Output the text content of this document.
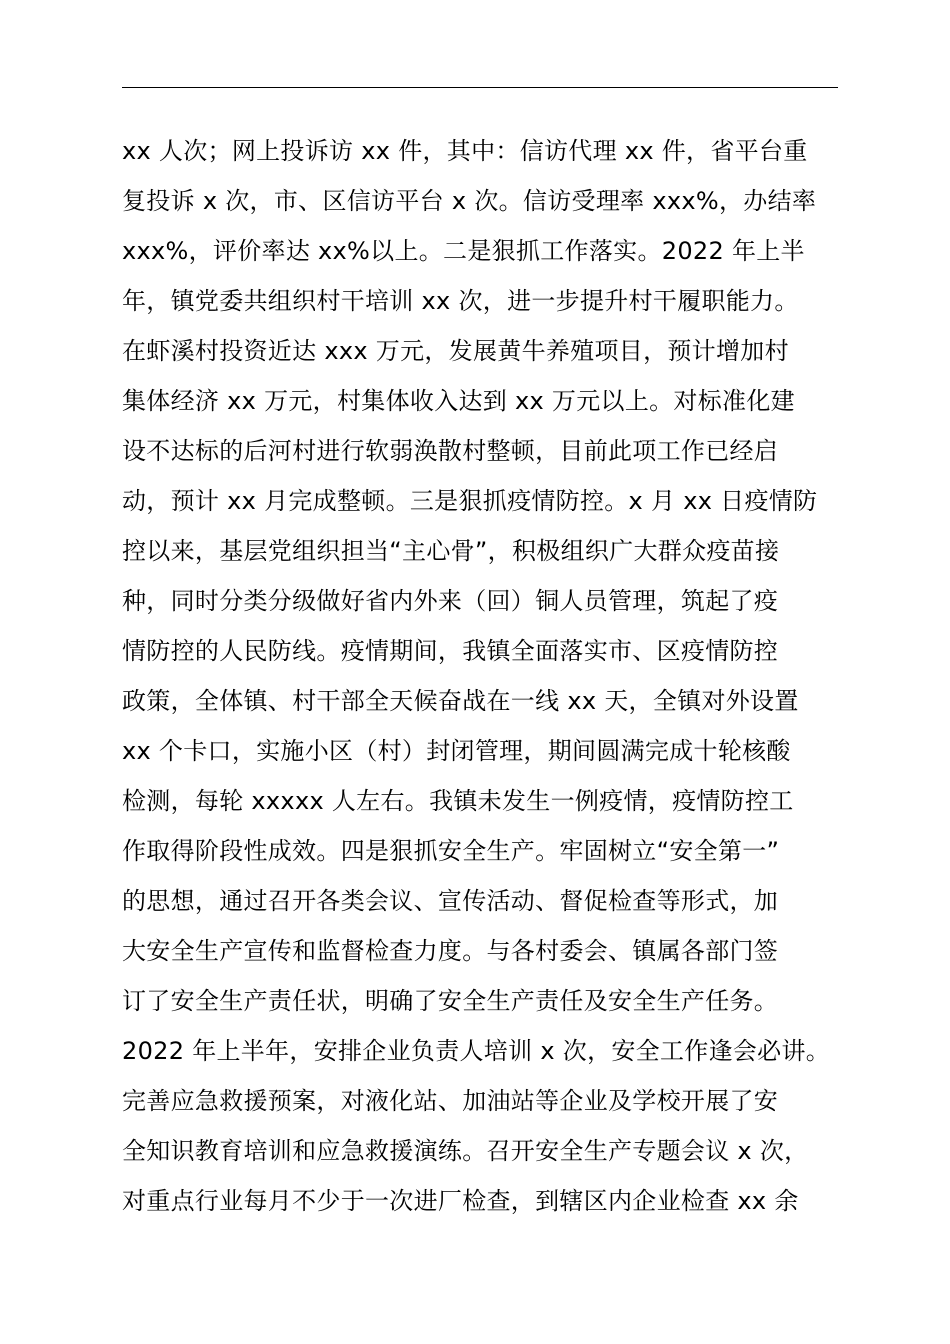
xx 人次；网上投诉访 xx 件，其中：信访代理 xx 件，省平台重
复投诉 x 次，市、区信访平台 x 次。信访受理率 xxx%，办结率
xxx%，评价率达 xx%以上。二是狠抓工作落实。2022 年上半
年，镇党委共组织村干培训 xx 次，进一步提升村干履职能力。
在虾溪村投资近达 xxx 万元，发展黄牛养殖项目，预计增加村
集体经济 xx 万元，村集体收入达到 xx 万元以上。对标准化建
设不达标的后河村进行软弱涣散村整顿，目前此项工作已经启
动，预计 xx 月完成整顿。三是狠抓疫情防控。x 月 xx 日疫情防
控以来，基层党组织担当“主心骨”，积极组织广大群众疫苗接
种，同时分类分级做好省内外来（回）铜人员管理，筑起了疫
情防控的人民防线。疫情期间，我镇全面落实市、区疫情防控
政策，全体镇、村干部全天候奋战在一线 xx 天，全镇对外设置
xx 个卡口，实施小区（村）封闭管理，期间圆满完成十轮核酸
检测，每轮 xxxxx 人左右。我镇未发生一例疫情，疫情防控工
作取得阶段性成效。四是狠抓安全生产。牢固树立“安全第一”
的思想，通过召开各类会议、宣传活动、督促检查等形式，加
大安全生产宣传和监督检查力度。与各村委会、镇属各部门签
订了安全生产责任状，明确了安全生产责任及安全生产任务。
2022 年上半年，安排企业负责人培训 x 次，安全工作逢会必讲。
完善应急救援预案，对液化站、加油站等企业及学校开展了安
全知识教育培训和应急救援演练。召开安全生产专题会议 x 次，
对重点行业每月不少于一次进厂检查，到辖区内企业检查 xx 余
